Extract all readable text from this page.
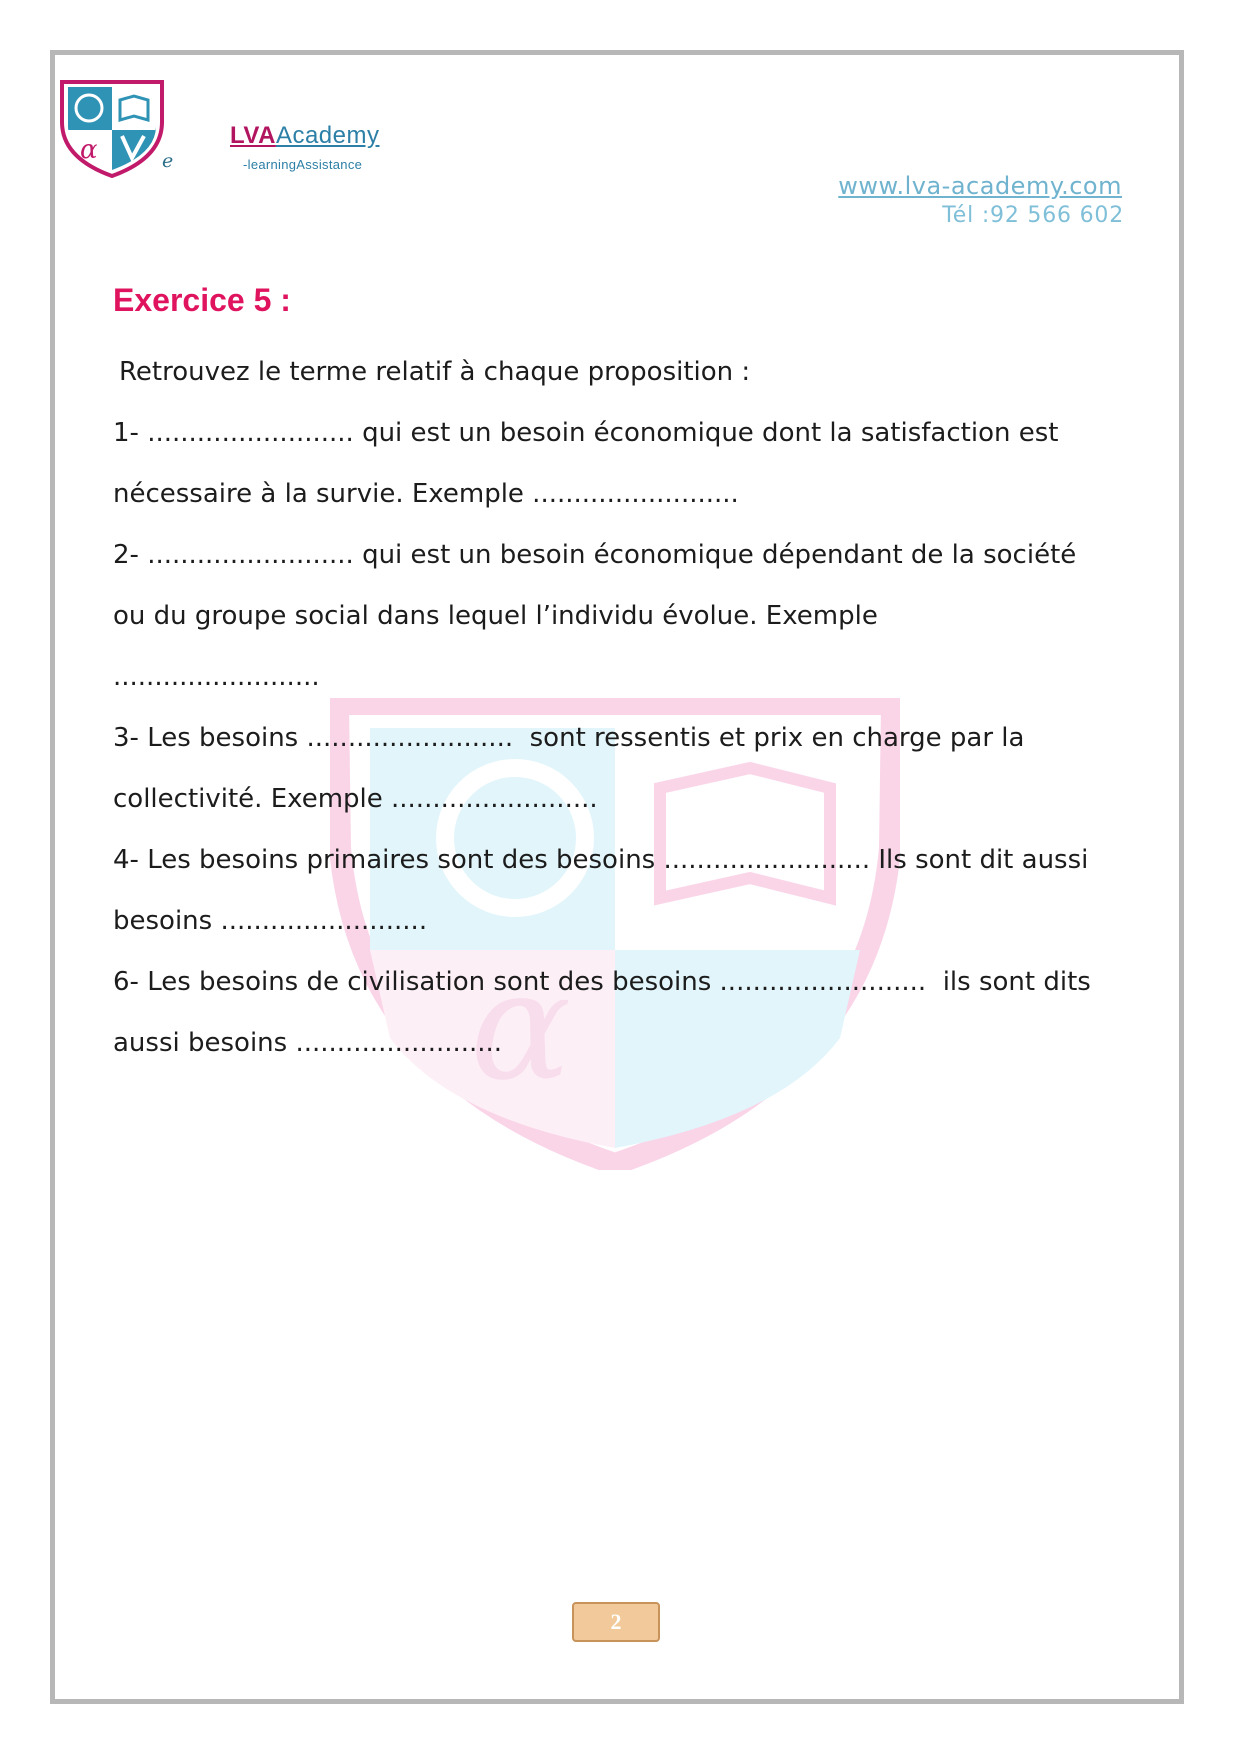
α	e
LVAAcademy
-learningAssistance
www.lva-academy.com
Tél :92 566 602
α
Exercice 5 :

Retrouvez le terme relatif à chaque proposition :

1- ......................... qui est un besoin économique dont la satisfaction est

nécessaire à la survie. Exemple .........................

2- ......................... qui est un besoin économique dépendant de la société

ou du groupe social dans lequel l’individu évolue. Exemple

.........................

3- Les besoins .........................  sont ressentis et prix en charge par la

collectivité. Exemple .........................

4- Les besoins primaires sont des besoins ......................... Ils sont dit aussi

besoins .........................

6- Les besoins de civilisation sont des besoins .........................  ils sont dits

aussi besoins .........................

2
